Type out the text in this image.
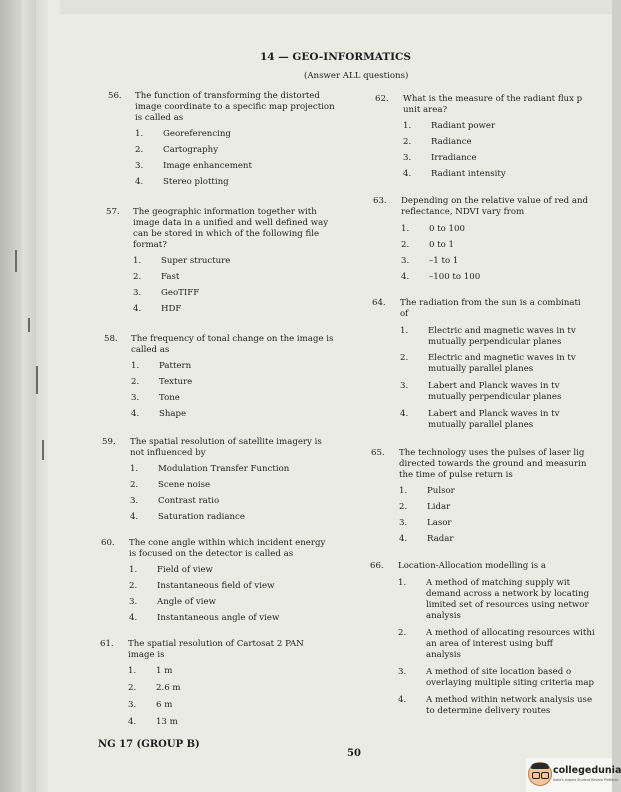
14 — GEO-INFORMATICS
(Answer ALL questions)
56. The function of transforming the distorted
image coordinate to a specific map projection
is called as
1. Georeferencing
2. Cartography
3. Image enhancement
4. Stereo plotting
57. The geographic information together with
image data in a unified and well defined way
can be stored in which of the following file
format?
1. Super structure
2. Fast
3. GeoTIFF
4. HDF
58. The frequency of tonal change on the image is
called as
1. Pattern
2. Texture
3. Tone
4. Shape
59. The spatial resolution of satellite imagery is
not influenced by
1. Modulation Transfer Function
2. Scene noise
3. Contrast ratio
4. Saturation radiance
60. The cone angle within which incident energy
is focused on the detector is called as
1. Field of view
2. Instantaneous field of view
3. Angle of view
4. Instantaneous angle of view
61. The spatial resolution of Cartosat 2 PAN
image is
1. 1 m
2. 2.6 m
3. 6 m
4. 13 m
62. What is the measure of the radiant flux p
unit area?
1. Radiant power
2. Radiance
3. Irradiance
4. Radiant intensity
63. Depending on the relative value of red and
reflectance, NDVI vary from
1. 0 to 100
2. 0 to 1
3. –1 to 1
4. –100 to 100
64. The radiation from the sun is a combinati
of
1. Electric and magnetic waves in tv
mutually perpendicular planes
2. Electric and magnetic waves in tv
mutually parallel planes
3. Labert and Planck waves in tv
mutually perpendicular planes
4. Labert and Planck waves in tv
mutually parallel planes
65. The technology uses the pulses of laser lig
directed towards the ground and measurin
the time of pulse return is
1. Pulsor
2. Lidar
3. Lasor
4. Radar
66. Location-Allocation modelling is a
1. A method of matching supply wit
demand across a network by locating
limited set of resources using networ
analysis
2. A method of allocating resources withi
an area of interest using buff
analysis
3. A method of site location based o
overlaying multiple siting criteria map
4. A method within network analysis use
to determine delivery routes
NG 17 (GROUP B)
50
collegedunia
India's largest Student Review Platform
